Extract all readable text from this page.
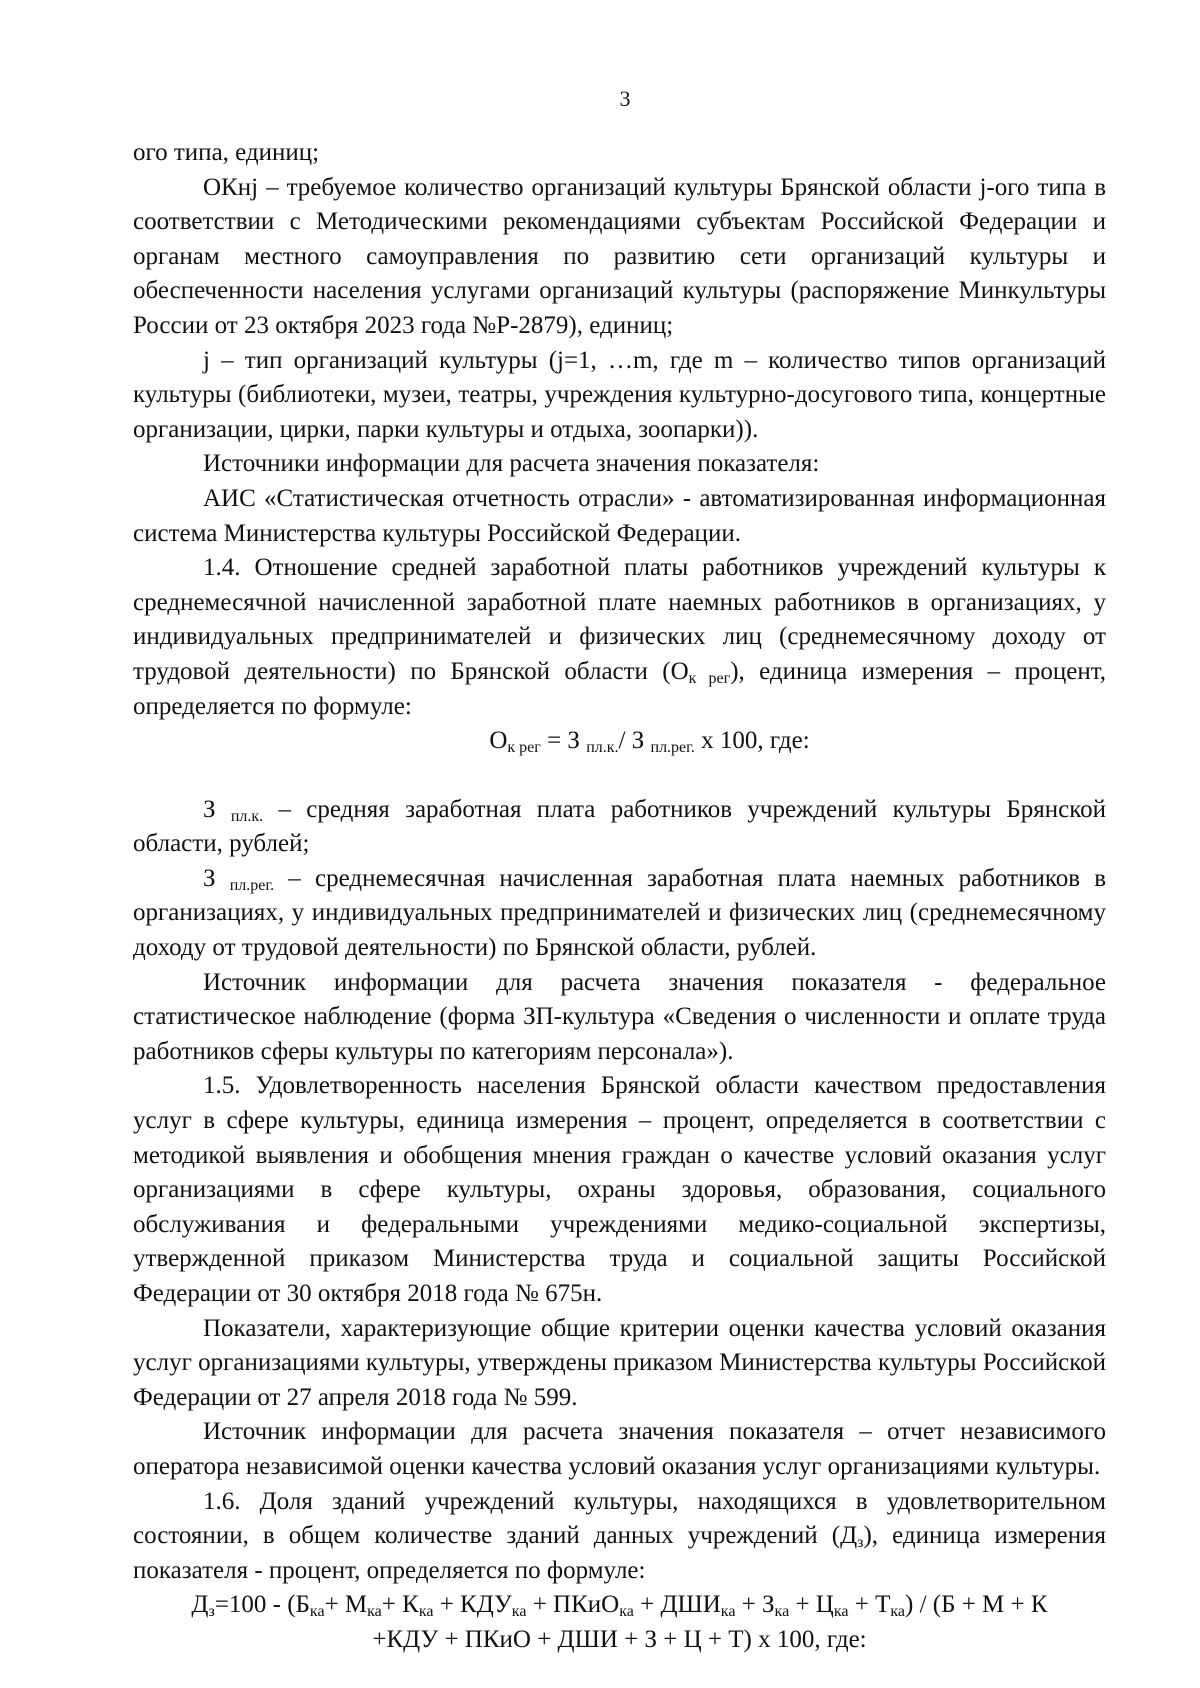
3

ого типа, единиц;

ОКнj – требуемое количество организаций культуры Брянской области j-ого типа в соответствии с Методическими рекомендациями субъектам Российской Федерации и органам местного самоуправления по развитию сети организаций культуры и обеспеченности населения услугами организаций культуры (распоряжение Минкультуры России от 23 октября 2023 года №Р-2879), единиц;

j – тип организаций культуры (j=1, …m, где m – количество типов организаций культуры (библиотеки, музеи, театры, учреждения культурно-досугового типа, концертные организации, цирки, парки культуры и отдыха, зоопарки)).

Источники информации для расчета значения показателя:

АИС «Статистическая отчетность отрасли» - автоматизированная информационная система Министерства культуры Российской Федерации.

1.4. Отношение средней заработной платы работников учреждений культуры к среднемесячной начисленной заработной плате наемных работников в организациях, у индивидуальных предпринимателей и физических лиц (среднемесячному доходу от трудовой деятельности) по Брянской области $(О_{к рег})$, единица измерения – процент, определяется по формуле:

$О_{к рег} = З$ $_{пл.к.}$/ З $_{пл.рег.}$ х 100, где:

З $_{пл.к.}$ – средняя заработная плата работников учреждений культуры Брянской области, рублей;

З $_{пл.рег.}$ – среднемесячная начисленная заработная плата наемных работников в организациях, у индивидуальных предпринимателей и физических лиц (среднемесячному доходу от трудовой деятельности) по Брянской области, рублей.

Источник информации для расчета значения показателя - федеральное статистическое наблюдение (форма ЗП-культура «Сведения о численности и оплате труда работников сферы культуры по категориям персонала»).

1.5. Удовлетворенность населения Брянской области качеством предоставления услуг в сфере культуры, единица измерения – процент, определяется в соответствии с методикой выявления и обобщения мнения граждан о качестве условий оказания услуг организациями в сфере культуры, охраны здоровья, образования, социального обслуживания и федеральными учреждениями медико-социальной экспертизы, утвержденной приказом Министерства труда и социальной защиты Российской Федерации от 30 октября 2018 года № 675н.

Показатели, характеризующие общие критерии оценки качества условий оказания услуг организациями культуры, утверждены приказом Министерства культуры Российской Федерации от 27 апреля 2018 года № 599.

Источник информации для расчета значения показателя – отчет независимого оператора независимой оценки качества условий оказания услуг организациями культуры.

1.6. Доля зданий учреждений культуры, находящихся в удовлетворительном состоянии, в общем количестве зданий данных учреждений $(Д_з)$, единица измерения показателя - процент, определяется по формуле:

$Д_з=100 - (Б_{ка}+ М_{ка}+ К_{ка} + КДУ_{ка}$ + ПКиО$_{ка}$ + $ДШИ_{ка} + З_{ка} + Ц_{ка} + Т_{ка}) / (Б + М + К$

+КДУ + ПКиО + ДШИ + З + Ц + Т) х 100, где:
